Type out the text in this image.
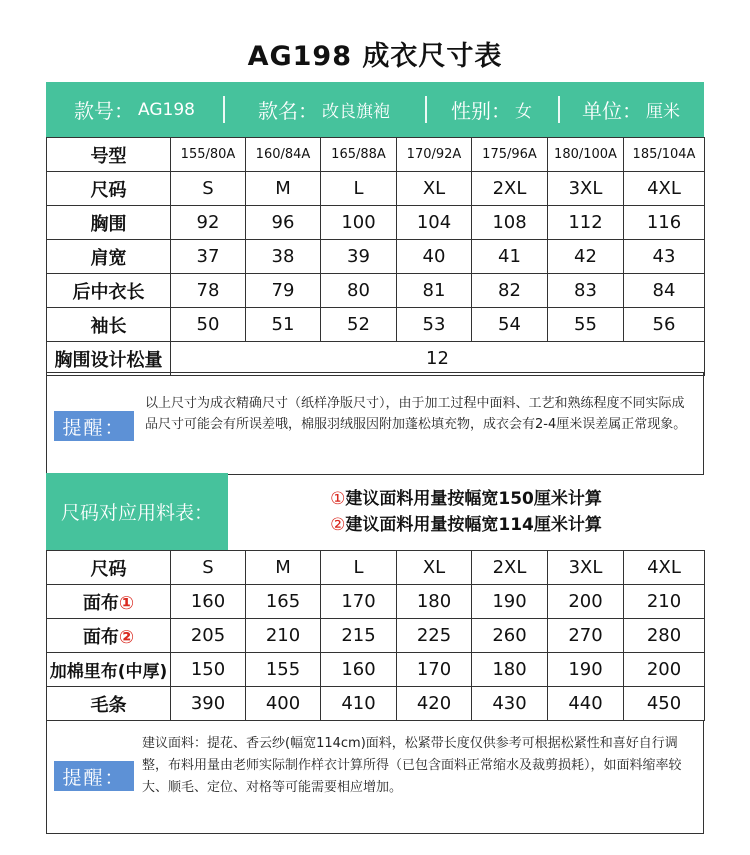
AG198 成衣尺寸表
款号： AG198	款名： 改良旗袍	性别： 女	单位： 厘米
号型	155/80A	160/84A	165/88A	170/92A	175/96A	180/100A	185/104A
尺码	S	M	L	XL	2XL	3XL	4XL
胸围	92	96	100	104	108	112	116
肩宽	37	38	39	40	41	42	43
后中衣长	78	79	80	81	82	83	84
袖长	50	51	52	53	54	55	56
胸围设计松量	12						
提醒：
以上尺寸为成衣精确尺寸（纸样净版尺寸），由于加工过程中面料、工艺和熟练程度不同实际成品尺寸可能会有所误差哦，棉服羽绒服因附加蓬松填充物，成衣会有2-4厘米误差属正常现象。
尺码对应用料表：
①建议面料用量按幅宽150厘米计算
②建议面料用量按幅宽114厘米计算
尺码	S	M	L	XL	2XL	3XL	4XL
面布①	160	165	170	180	190	200	210
面布②	205	210	215	225	260	270	280
加棉里布(中厚)	150	155	160	170	180	190	200
毛条	390	400	410	420	430	440	450
提醒：
建议面料：提花、香云纱(幅宽114cm)面料，松紧带长度仅供参考可根据松紧性和喜好自行调整，布料用量由老师实际制作样衣计算所得（已包含面料正常缩水及裁剪损耗），如面料缩率较大、顺毛、定位、对格等可能需要相应增加。
